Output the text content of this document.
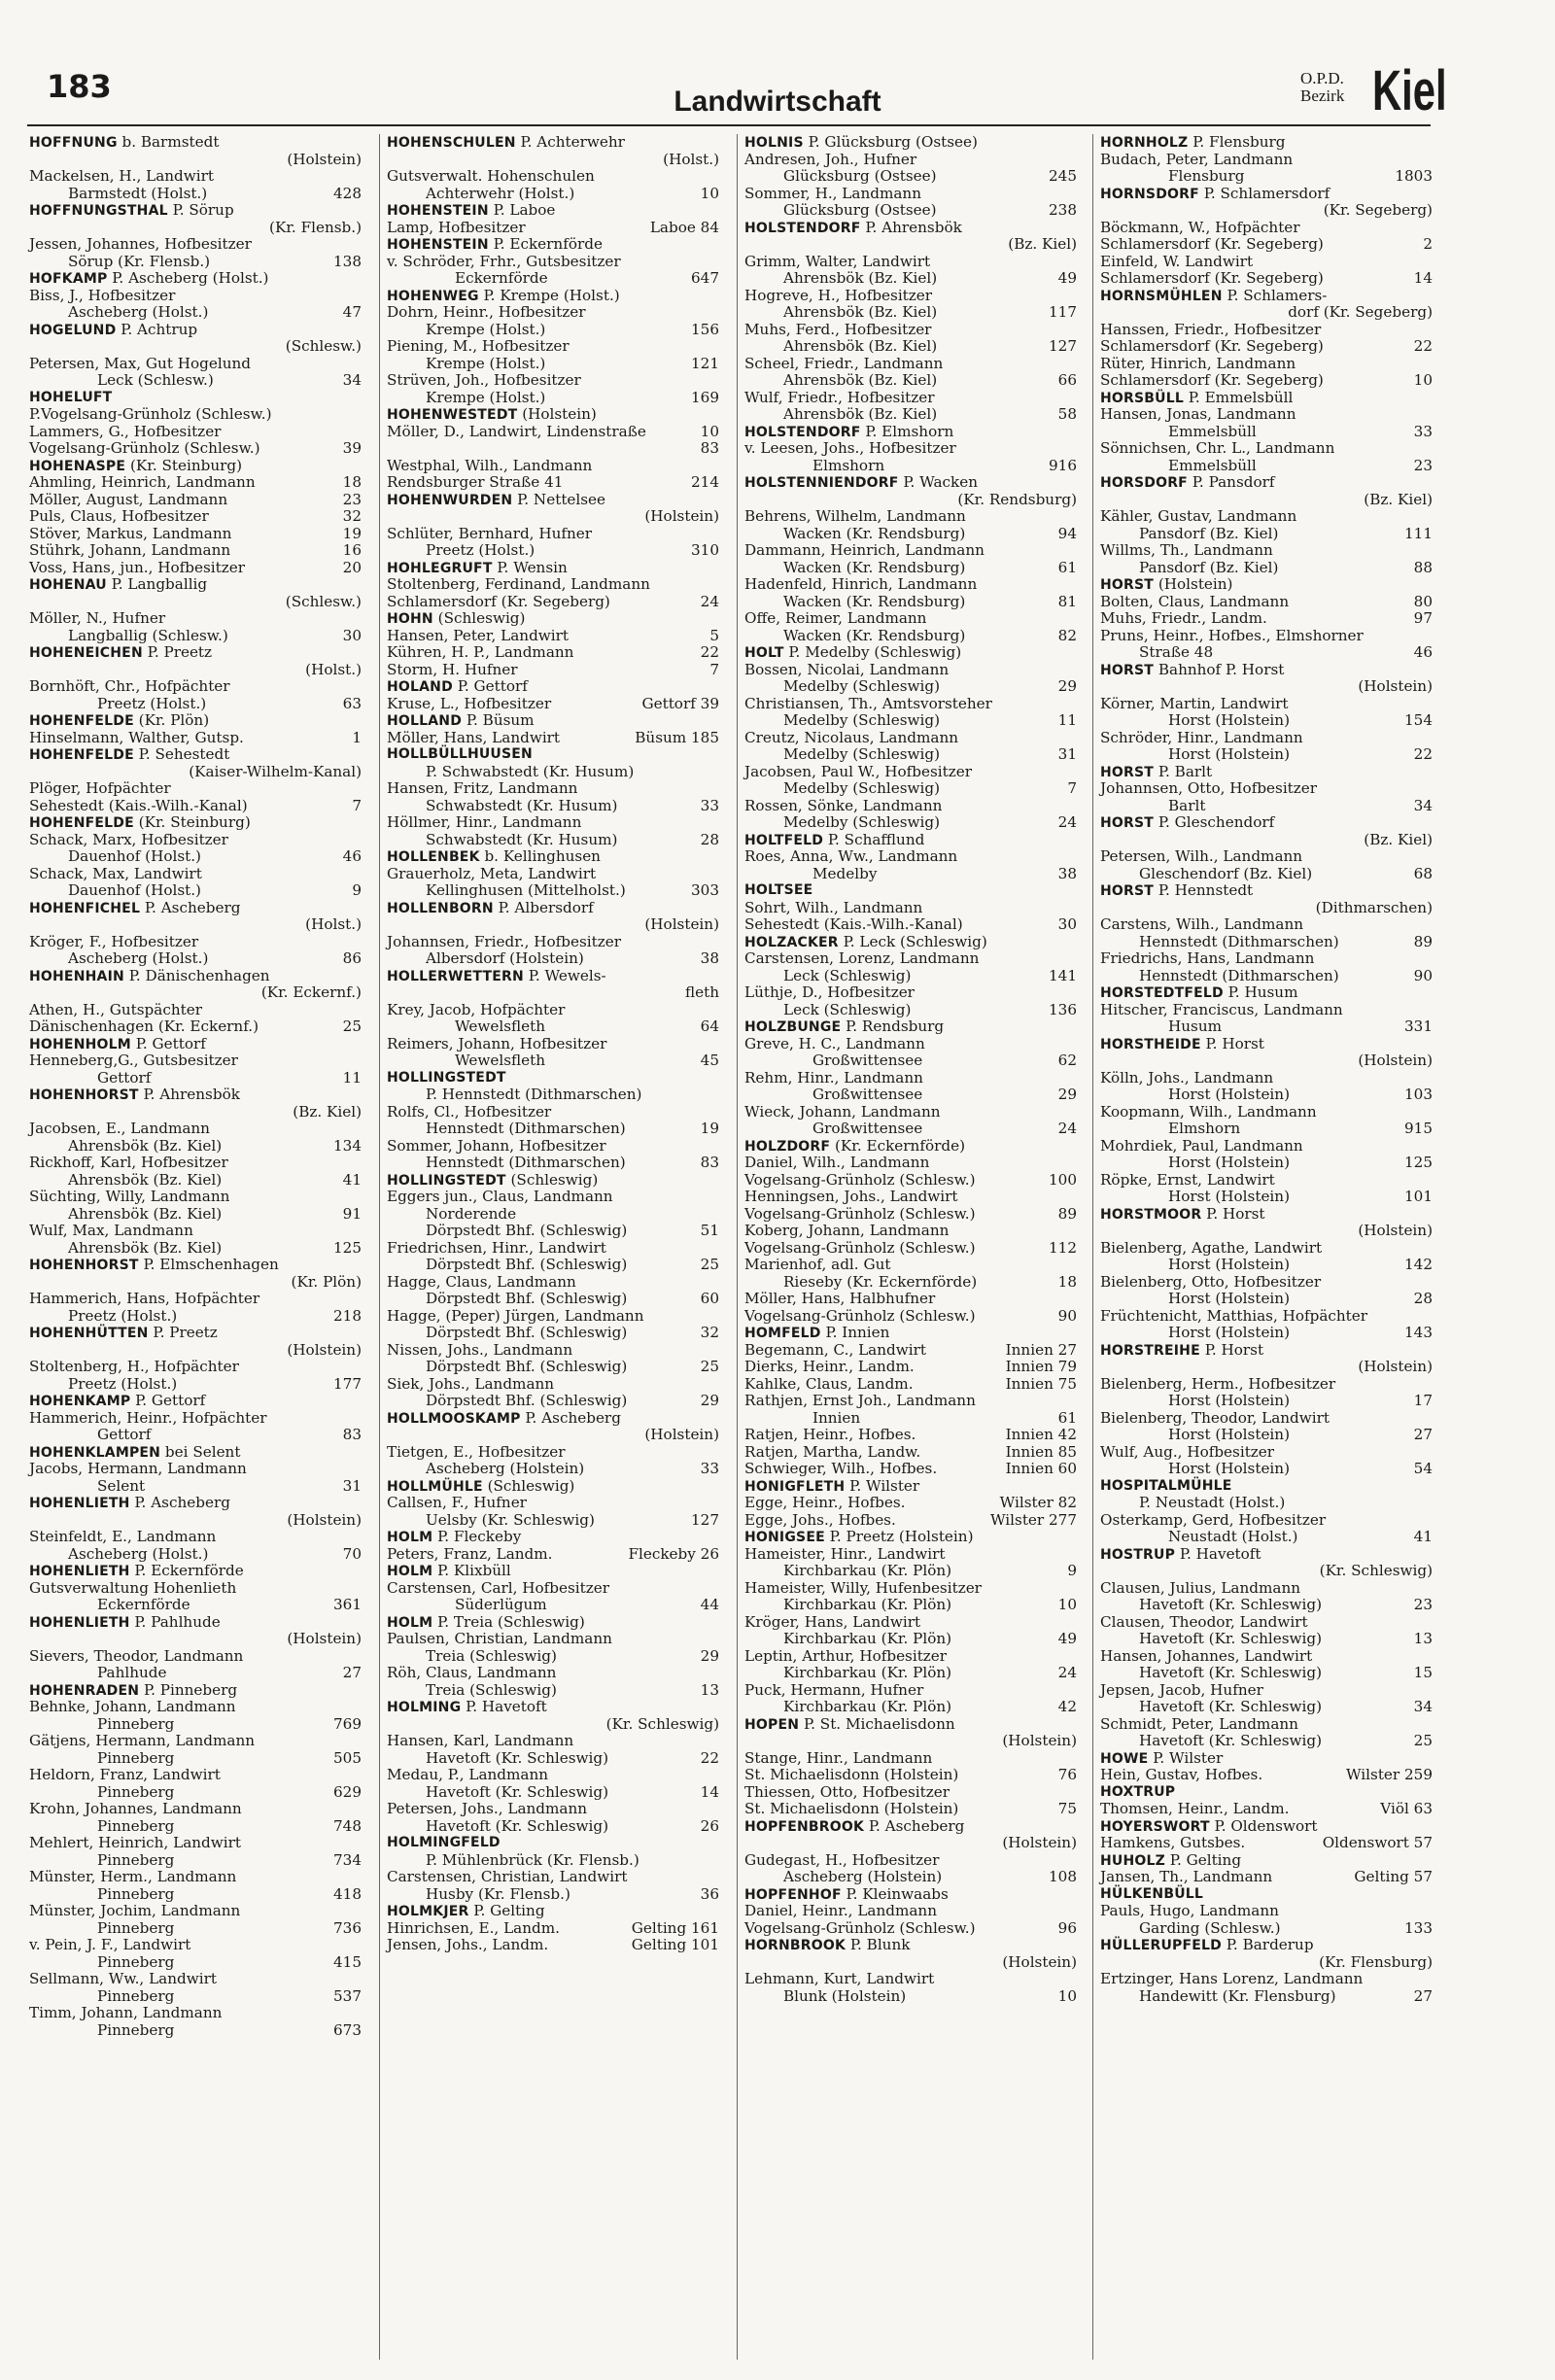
183	Landwirtschaft
O.P.D.
Bezirk Kiel
HOFFNUNG b. Barmstedt
(Holstein)
Mackelsen, H., Landwirt
Barmstedt (Holst.)	428
HOFFNUNGSTHAL P. Sörup
(Kr. Flensb.)
Jessen, Johannes, Hofbesitzer
Sörup (Kr. Flensb.)	138
HOFKAMP P. Ascheberg (Holst.)
Biss, J., Hofbesitzer
Ascheberg (Holst.)	47
HOGELUND P. Achtrup
(Schlesw.)
Petersen, Max, Gut Hogelund
Leck (Schlesw.)	34
HOHELUFT
P.Vogelsang-Grünholz (Schlesw.)
Lammers, G., Hofbesitzer
Vogelsang-Grünholz (Schlesw.)	39
HOHENASPE (Kr. Steinburg)
Ahmling, Heinrich, Landmann	18
Möller, August, Landmann	23
Puls, Claus, Hofbesitzer	32
Stöver, Markus, Landmann	19
Stührk, Johann, Landmann	16
Voss, Hans, jun., Hofbesitzer	20
HOHENAU P. Langballig
(Schlesw.)
Möller, N., Hufner
Langballig (Schlesw.)	30
HOHENEICHEN P. Preetz
(Holst.)
Bornhöft, Chr., Hofpächter
Preetz (Holst.)	63
HOHENFELDE (Kr. Plön)
Hinselmann, Walther, Gutsp.	1
HOHENFELDE P. Sehestedt
(Kaiser-Wilhelm-Kanal)
Plöger, Hofpächter
Sehestedt (Kais.-Wilh.-Kanal)	7
HOHENFELDE (Kr. Steinburg)
Schack, Marx, Hofbesitzer
Dauenhof (Holst.)	46
Schack, Max, Landwirt
Dauenhof (Holst.)	9
HOHENFICHEL P. Ascheberg
(Holst.)
Kröger, F., Hofbesitzer
Ascheberg (Holst.)	86
HOHENHAIN P. Dänischenhagen
(Kr. Eckernf.)
Athen, H., Gutspächter
Dänischenhagen (Kr. Eckernf.)	25
HOHENHOLM P. Gettorf
Henneberg,G., Gutsbesitzer
Gettorf	11
HOHENHORST P. Ahrensbök
(Bz. Kiel)
Jacobsen, E., Landmann
Ahrensbök (Bz. Kiel)	134
Rickhoff, Karl, Hofbesitzer
Ahrensbök (Bz. Kiel)	41
Süchting, Willy, Landmann
Ahrensbök (Bz. Kiel)	91
Wulf, Max, Landmann
Ahrensbök (Bz. Kiel)	125
HOHENHORST P. Elmschenhagen
(Kr. Plön)
Hammerich, Hans, Hofpächter
Preetz (Holst.)	218
HOHENHÜTTEN P. Preetz
(Holstein)
Stoltenberg, H., Hofpächter
Preetz (Holst.)	177
HOHENKAMP P. Gettorf
Hammerich, Heinr., Hofpächter
Gettorf	83
HOHENKLAMPEN bei Selent
Jacobs, Hermann, Landmann
Selent	31
HOHENLIETH P. Ascheberg
(Holstein)
Steinfeldt, E., Landmann
Ascheberg (Holst.)	70
HOHENLIETH P. Eckernförde
Gutsverwaltung Hohenlieth
Eckernförde	361
HOHENLIETH P. Pahlhude
(Holstein)
Sievers, Theodor, Landmann
Pahlhude	27
HOHENRADEN P. Pinneberg
Behnke, Johann, Landmann
Pinneberg	769
Gätjens, Hermann, Landmann
Pinneberg	505
Heldorn, Franz, Landwirt
Pinneberg	629
Krohn, Johannes, Landmann
Pinneberg	748
Mehlert, Heinrich, Landwirt
Pinneberg	734
Münster, Herm., Landmann
Pinneberg	418
Münster, Jochim, Landmann
Pinneberg	736
v. Pein, J. F., Landwirt
Pinneberg	415
Sellmann, Ww., Landwirt
Pinneberg	537
Timm, Johann, Landmann
Pinneberg	673
HOHENSCHULEN P. Achterwehr
(Holst.)
Gutsverwalt. Hohenschulen
Achterwehr (Holst.)	10
HOHENSTEIN P. Laboe
Lamp, Hofbesitzer	Laboe 84
HOHENSTEIN P. Eckernförde
v. Schröder, Frhr., Gutsbesitzer
Eckernförde	647
HOHENWEG P. Krempe (Holst.)
Dohrn, Heinr., Hofbesitzer
Krempe (Holst.)	156
Piening, M., Hofbesitzer
Krempe (Holst.)	121
Strüven, Joh., Hofbesitzer
Krempe (Holst.)	169
HOHENWESTEDT (Holstein)
Möller, D., Landwirt, Lindenstraße	10
83
Westphal, Wilh., Landmann
Rendsburger Straße 41	214
HOHENWURDEN P. Nettelsee
(Holstein)
Schlüter, Bernhard, Hufner
Preetz (Holst.)	310
HOHLEGRUFT P. Wensin
Stoltenberg, Ferdinand, Landmann
Schlamersdorf (Kr. Segeberg)	24
HOHN (Schleswig)
Hansen, Peter, Landwirt	5
Kühren, H. P., Landmann	22
Storm, H. Hufner	7
HOLAND P. Gettorf
Kruse, L., Hofbesitzer	Gettorf 39
HOLLAND P. Büsum
Möller, Hans, Landwirt	Büsum 185
HOLLBÜLLHUUSEN
P. Schwabstedt (Kr. Husum)
Hansen, Fritz, Landmann
Schwabstedt (Kr. Husum)	33
Höllmer, Hinr., Landmann
Schwabstedt (Kr. Husum)	28
HOLLENBEK b. Kellinghusen
Grauerholz, Meta, Landwirt
Kellinghusen (Mittelholst.)	303
HOLLENBORN P. Albersdorf
(Holstein)
Johannsen, Friedr., Hofbesitzer
Albersdorf (Holstein)	38
HOLLERWETTERN P. Wewels-
fleth
Krey, Jacob, Hofpächter
Wewelsfleth	64
Reimers, Johann, Hofbesitzer
Wewelsfleth	45
HOLLINGSTEDT
P. Hennstedt (Dithmarschen)
Rolfs, Cl., Hofbesitzer
Hennstedt (Dithmarschen)	19
Sommer, Johann, Hofbesitzer
Hennstedt (Dithmarschen)	83
HOLLINGSTEDT (Schleswig)
Eggers jun., Claus, Landmann
Norderende
Dörpstedt Bhf. (Schleswig)	51
Friedrichsen, Hinr., Landwirt
Dörpstedt Bhf. (Schleswig)	25
Hagge, Claus, Landmann
Dörpstedt Bhf. (Schleswig)	60
Hagge, (Peper) Jürgen, Landmann
Dörpstedt Bhf. (Schleswig)	32
Nissen, Johs., Landmann
Dörpstedt Bhf. (Schleswig)	25
Siek, Johs., Landmann
Dörpstedt Bhf. (Schleswig)	29
HOLLMOOSKAMP P. Ascheberg
(Holstein)
Tietgen, E., Hofbesitzer
Ascheberg (Holstein)	33
HOLLMÜHLE (Schleswig)
Callsen, F., Hufner
Uelsby (Kr. Schleswig)	127
HOLM P. Fleckeby
Peters, Franz, Landm.	Fleckeby 26
HOLM P. Klixbüll
Carstensen, Carl, Hofbesitzer
Süderlügum	44
HOLM P. Treia (Schleswig)
Paulsen, Christian, Landmann
Treia (Schleswig)	29
Röh, Claus, Landmann
Treia (Schleswig)	13
HOLMING P. Havetoft
(Kr. Schleswig)
Hansen, Karl, Landmann
Havetoft (Kr. Schleswig)	22
Medau, P., Landmann
Havetoft (Kr. Schleswig)	14
Petersen, Johs., Landmann
Havetoft (Kr. Schleswig)	26
HOLMINGFELD
P. Mühlenbrück (Kr. Flensb.)
Carstensen, Christian, Landwirt
Husby (Kr. Flensb.)	36
HOLMKJER P. Gelting
Hinrichsen, E., Landm.	Gelting 161
Jensen, Johs., Landm.	Gelting 101
HOLNIS P. Glücksburg (Ostsee)
Andresen, Joh., Hufner
Glücksburg (Ostsee)	245
Sommer, H., Landmann
Glücksburg (Ostsee)	238
HOLSTENDORF P. Ahrensbök
(Bz. Kiel)
Grimm, Walter, Landwirt
Ahrensbök (Bz. Kiel)	49
Hogreve, H., Hofbesitzer
Ahrensbök (Bz. Kiel)	117
Muhs, Ferd., Hofbesitzer
Ahrensbök (Bz. Kiel)	127
Scheel, Friedr., Landmann
Ahrensbök (Bz. Kiel)	66
Wulf, Friedr., Hofbesitzer
Ahrensbök (Bz. Kiel)	58
HOLSTENDORF P. Elmshorn
v. Leesen, Johs., Hofbesitzer
Elmshorn	916
HOLSTENNIENDORF P. Wacken
(Kr. Rendsburg)
Behrens, Wilhelm, Landmann
Wacken (Kr. Rendsburg)	94
Dammann, Heinrich, Landmann
Wacken (Kr. Rendsburg)	61
Hadenfeld, Hinrich, Landmann
Wacken (Kr. Rendsburg)	81
Offe, Reimer, Landmann
Wacken (Kr. Rendsburg)	82
HOLT P. Medelby (Schleswig)
Bossen, Nicolai, Landmann
Medelby (Schleswig)	29
Christiansen, Th., Amtsvorsteher
Medelby (Schleswig)	11
Creutz, Nicolaus, Landmann
Medelby (Schleswig)	31
Jacobsen, Paul W., Hofbesitzer
Medelby (Schleswig)	7
Rossen, Sönke, Landmann
Medelby (Schleswig)	24
HOLTFELD P. Schafflund
Roes, Anna, Ww., Landmann
Medelby	38
HOLTSEE
Sohrt, Wilh., Landmann
Sehestedt (Kais.-Wilh.-Kanal)	30
HOLZACKER P. Leck (Schleswig)
Carstensen, Lorenz, Landmann
Leck (Schleswig)	141
Lüthje, D., Hofbesitzer
Leck (Schleswig)	136
HOLZBUNGE P. Rendsburg
Greve, H. C., Landmann
Großwittensee	62
Rehm, Hinr., Landmann
Großwittensee	29
Wieck, Johann, Landmann
Großwittensee	24
HOLZDORF (Kr. Eckernförde)
Daniel, Wilh., Landmann
Vogelsang-Grünholz (Schlesw.)	100
Henningsen, Johs., Landwirt
Vogelsang-Grünholz (Schlesw.)	89
Koberg, Johann, Landmann
Vogelsang-Grünholz (Schlesw.)	112
Marienhof, adl. Gut
Rieseby (Kr. Eckernförde)	18
Möller, Hans, Halbhufner
Vogelsang-Grünholz (Schlesw.)	90
HOMFELD P. Innien
Begemann, C., Landwirt	Innien 27
Dierks, Heinr., Landm.	Innien 79
Kahlke, Claus, Landm.	Innien 75
Rathjen, Ernst Joh., Landmann
Innien	61
Ratjen, Heinr., Hofbes.	Innien 42
Ratjen, Martha, Landw.	Innien 85
Schwieger, Wilh., Hofbes.	Innien 60
HONIGFLETH P. Wilster
Egge, Heinr., Hofbes.	Wilster 82
Egge, Johs., Hofbes.	Wilster 277
HONIGSEE P. Preetz (Holstein)
Hameister, Hinr., Landwirt
Kirchbarkau (Kr. Plön)	9
Hameister, Willy, Hufenbesitzer
Kirchbarkau (Kr. Plön)	10
Kröger, Hans, Landwirt
Kirchbarkau (Kr. Plön)	49
Leptin, Arthur, Hofbesitzer
Kirchbarkau (Kr. Plön)	24
Puck, Hermann, Hufner
Kirchbarkau (Kr. Plön)	42
HOPEN P. St. Michaelisdonn
(Holstein)
Stange, Hinr., Landmann
St. Michaelisdonn (Holstein)	76
Thiessen, Otto, Hofbesitzer
St. Michaelisdonn (Holstein)	75
HOPFENBROOK P. Ascheberg
(Holstein)
Gudegast, H., Hofbesitzer
Ascheberg (Holstein)	108
HOPFENHOF P. Kleinwaabs
Daniel, Heinr., Landmann
Vogelsang-Grünholz (Schlesw.)	96
HORNBROOK P. Blunk
(Holstein)
Lehmann, Kurt, Landwirt
Blunk (Holstein)	10
HORNHOLZ P. Flensburg
Budach, Peter, Landmann
Flensburg	1803
HORNSDORF P. Schlamersdorf
(Kr. Segeberg)
Böckmann, W., Hofpächter
Schlamersdorf (Kr. Segeberg)	2
Einfeld, W. Landwirt
Schlamersdorf (Kr. Segeberg)	14
HORNSMÜHLEN P. Schlamers-
dorf (Kr. Segeberg)
Hanssen, Friedr., Hofbesitzer
Schlamersdorf (Kr. Segeberg)	22
Rüter, Hinrich, Landmann
Schlamersdorf (Kr. Segeberg)	10
HORSBÜLL P. Emmelsbüll
Hansen, Jonas, Landmann
Emmelsbüll	33
Sönnichsen, Chr. L., Landmann
Emmelsbüll	23
HORSDORF P. Pansdorf
(Bz. Kiel)
Kähler, Gustav, Landmann
Pansdorf (Bz. Kiel)	111
Willms, Th., Landmann
Pansdorf (Bz. Kiel)	88
HORST (Holstein)
Bolten, Claus, Landmann	80
Muhs, Friedr., Landm.	97
Pruns, Heinr., Hofbes., Elmshorner
Straße 48	46
HORST Bahnhof P. Horst
(Holstein)
Körner, Martin, Landwirt
Horst (Holstein)	154
Schröder, Hinr., Landmann
Horst (Holstein)	22
HORST P. Barlt
Johannsen, Otto, Hofbesitzer
Barlt	34
HORST P. Gleschendorf
(Bz. Kiel)
Petersen, Wilh., Landmann
Gleschendorf (Bz. Kiel)	68
HORST P. Hennstedt
(Dithmarschen)
Carstens, Wilh., Landmann
Hennstedt (Dithmarschen)	89
Friedrichs, Hans, Landmann
Hennstedt (Dithmarschen)	90
HORSTEDTFELD P. Husum
Hitscher, Franciscus, Landmann
Husum	331
HORSTHEIDE P. Horst
(Holstein)
Kölln, Johs., Landmann
Horst (Holstein)	103
Koopmann, Wilh., Landmann
Elmshorn	915
Mohrdiek, Paul, Landmann
Horst (Holstein)	125
Röpke, Ernst, Landwirt
Horst (Holstein)	101
HORSTMOOR P. Horst
(Holstein)
Bielenberg, Agathe, Landwirt
Horst (Holstein)	142
Bielenberg, Otto, Hofbesitzer
Horst (Holstein)	28
Früchtenicht, Matthias, Hofpächter
Horst (Holstein)	143
HORSTREIHE P. Horst
(Holstein)
Bielenberg, Herm., Hofbesitzer
Horst (Holstein)	17
Bielenberg, Theodor, Landwirt
Horst (Holstein)	27
Wulf, Aug., Hofbesitzer
Horst (Holstein)	54
HOSPITALMÜHLE
P. Neustadt (Holst.)
Osterkamp, Gerd, Hofbesitzer
Neustadt (Holst.)	41
HOSTRUP P. Havetoft
(Kr. Schleswig)
Clausen, Julius, Landmann
Havetoft (Kr. Schleswig)	23
Clausen, Theodor, Landwirt
Havetoft (Kr. Schleswig)	13
Hansen, Johannes, Landwirt
Havetoft (Kr. Schleswig)	15
Jepsen, Jacob, Hufner
Havetoft (Kr. Schleswig)	34
Schmidt, Peter, Landmann
Havetoft (Kr. Schleswig)	25
HOWE P. Wilster
Hein, Gustav, Hofbes.	Wilster 259
HOXTRUP
Thomsen, Heinr., Landm.	Viöl 63
HOYERSWORT P. Oldenswort
Hamkens, Gutsbes.	Oldenswort 57
HUHOLZ P. Gelting
Jansen, Th., Landmann	Gelting 57
HÜLKENBÜLL
Pauls, Hugo, Landmann
Garding (Schlesw.)	133
HÜLLERUPFELD P. Barderup
(Kr. Flensburg)
Ertzinger, Hans Lorenz, Landmann
Handewitt (Kr. Flensburg)	27
